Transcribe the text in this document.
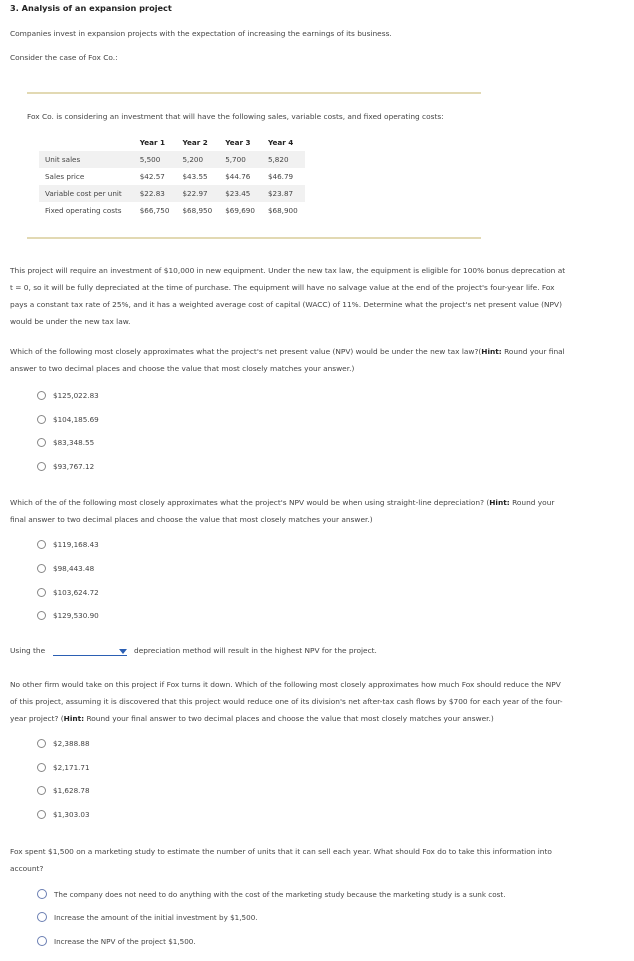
3. Analysis of an expansion project
Companies invest in expansion projects with the expectation of increasing the earnings of its business.
Consider the case of Fox Co.:
Fox Co. is considering an investment that will have the following sales, variable costs, and fixed operating costs:
	Year 1	Year 2	Year 3	Year 4
Unit sales	5,500	5,200	5,700	5,820
Sales price	$42.57	$43.55	$44.76	$46.79
Variable cost per unit	$22.83	$22.97	$23.45	$23.87
Fixed operating costs	$66,750	$68,950	$69,690	$68,900
This project will require an investment of $10,000 in new equipment. Under the new tax law, the equipment is eligible for 100% bonus deprecation at
t = 0, so it will be fully depreciated at the time of purchase. The equipment will have no salvage value at the end of the project's four-year life. Fox
pays a constant tax rate of 25%, and it has a weighted average cost of capital (WACC) of 11%. Determine what the project's net present value (NPV)
would be under the new tax law.
Which of the following most closely approximates what the project's net present value (NPV) would be under the new tax law?(Hint: Round your final
answer to two decimal places and choose the value that most closely matches your answer.)
$125,022.83
$104,185.69
$83,348.55
$93,767.12
Which of the of the following most closely approximates what the project's NPV would be when using straight-line depreciation? (Hint: Round your
final answer to two decimal places and choose the value that most closely matches your answer.)
$119,168.43
$98,443.48
$103,624.72
$129,530.90
Using the	depreciation method will result in the highest NPV for the project.
No other firm would take on this project if Fox turns it down. Which of the following most closely approximates how much Fox should reduce the NPV
of this project, assuming it is discovered that this project would reduce one of its division's net after-tax cash flows by $700 for each year of the four-
year project? (Hint: Round your final answer to two decimal places and choose the value that most closely matches your answer.)
$2,388.88
$2,171.71
$1,628.78
$1,303.03
Fox spent $1,500 on a marketing study to estimate the number of units that it can sell each year. What should Fox do to take this information into
account?
The company does not need to do anything with the cost of the marketing study because the marketing study is a sunk cost.
Increase the amount of the initial investment by $1,500.
Increase the NPV of the project $1,500.
